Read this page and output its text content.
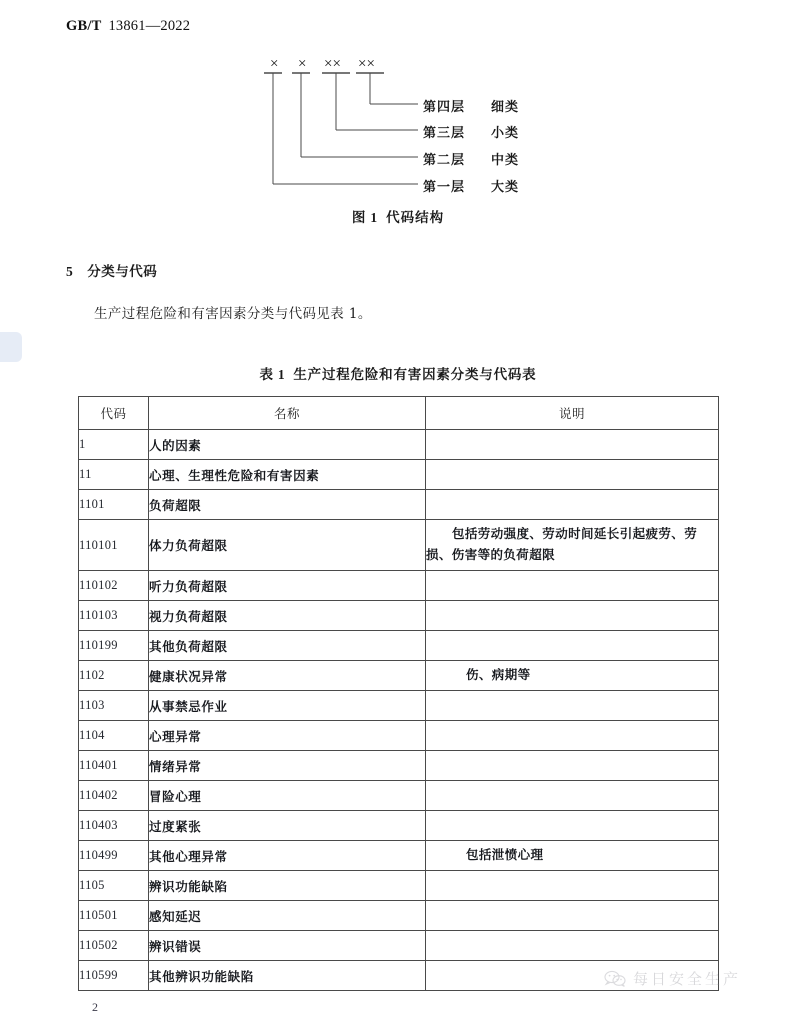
GB/T 13861—2022
× × ×× ××
第四层 细类
第三层 小类
第二层 中类
第一层 大类
图 1 代码结构
5 分类与代码
生产过程危险和有害因素分类与代码见表 1。
表 1 生产过程危险和有害因素分类与代码表
代码	名称	说明
1	人的因素	
11	心理、生理性危险和有害因素	
1101	负荷超限	
110101	体力负荷超限	包括劳动强度、劳动时间延长引起疲劳、劳损、伤害等的负荷超限
110102	听力负荷超限	
110103	视力负荷超限	
110199	其他负荷超限	
1102	健康状况异常	伤、病期等
1103	从事禁忌作业	
1104	心理异常	
110401	情绪异常	
110402	冒险心理	
110403	过度紧张	
110499	其他心理异常	包括泄愤心理
1105	辨识功能缺陷	
110501	感知延迟	
110502	辨识错误	
110599	其他辨识功能缺陷	
2
每日安全生产
